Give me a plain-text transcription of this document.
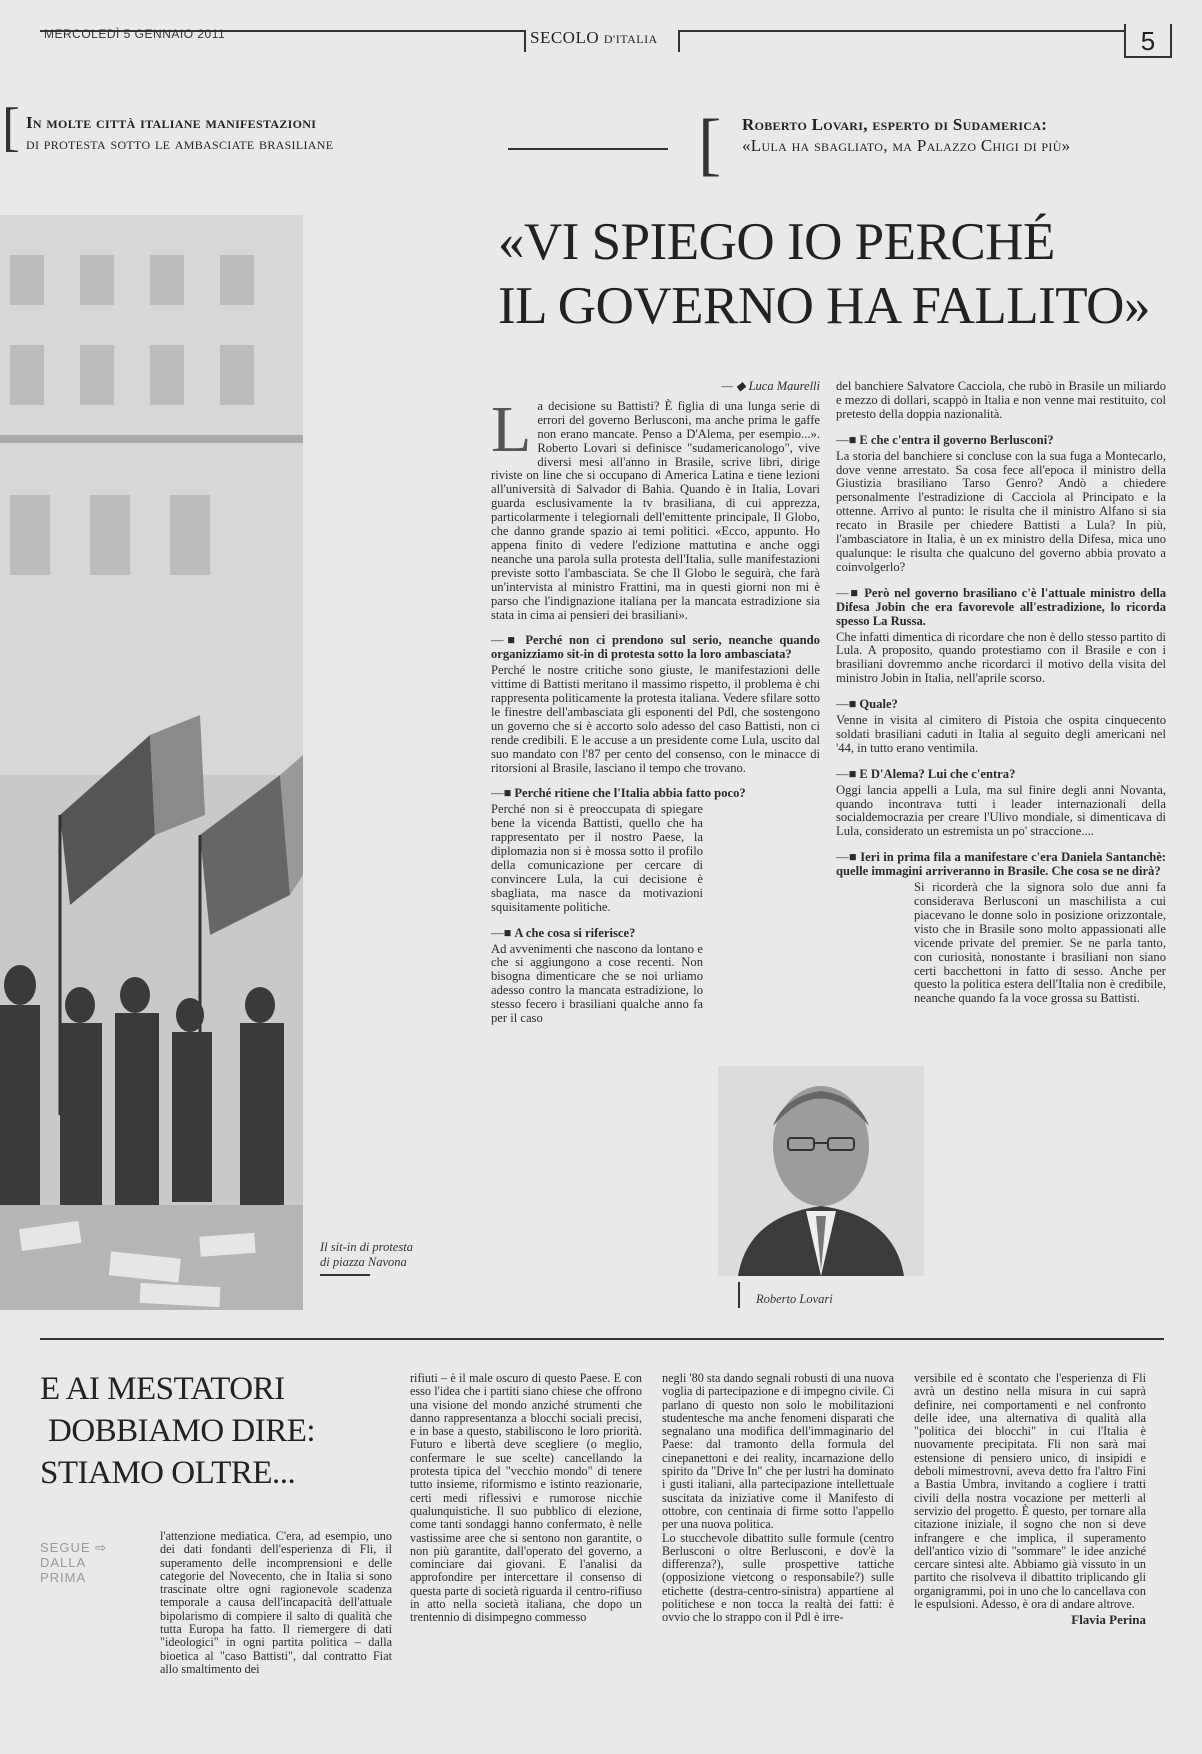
MERCOLEDÌ 5 GENNAIO 2011	SECOLO D'ITALIA	5
[ In molte città italiane manifestazioni
di protesta sotto le ambasciate brasiliane	[ Roberto Lovari, esperto di Sudamerica:
«Lula ha sbagliato, ma Palazzo Chigi di più»
«VI SPIEGO IO PERCHÉ
IL GOVERNO HA FALLITO»
Il sit-in di protesta
di piazza Navona
— ◆ Luca Maurelli

La decisione su Battisti? È figlia di una lunga serie di errori del governo Berlusconi, ma anche prima le gaffe non erano mancate. Penso a D'Alema, per esempio...». Roberto Lovari si definisce "sudamericanologo", vive diversi mesi all'anno in Brasile, scrive libri, dirige riviste on line che si occupano di America Latina e tiene lezioni all'università di Salvador di Bahia. Quando è in Italia, Lovari guarda esclusivamente la tv brasiliana, di cui apprezza, particolarmente i telegiornali dell'emittente principale, Il Globo, che danno grande spazio ai temi politici. «Ecco, appunto. Ho appena finito di vedere l'edizione mattutina e anche oggi neanche una parola sulla protesta dell'Italia, sulle manifestazioni previste sotto l'ambasciata. Se che Il Globo le seguirà, che farà un'intervista al ministro Frattini, ma in questi giorni non mi è parso che l'indignazione italiana per la mancata estradizione sia stata in cima ai pensieri dei brasiliani».

—■ Perché non ci prendono sul serio, neanche quando organizziamo sit-in di protesta sotto la loro ambasciata?

Perché le nostre critiche sono giuste, le manifestazioni delle vittime di Battisti meritano il massimo rispetto, il problema è chi rappresenta politicamente la protesta italiana. Vedere sfilare sotto le finestre dell'ambasciata gli esponenti del Pdl, che sostengono un governo che si è accorto solo adesso del caso Battisti, non ci rende credibili. E le accuse a un presidente come Lula, uscito dal suo mandato con l'87 per cento del consenso, con le minacce di ritorsioni al Brasile, lasciano il tempo che trovano.

—■ Perché ritiene che l'Italia abbia fatto poco?

Perché non si è preoccupata di spiegare bene la vicenda Battisti, quello che ha rappresentato per il nostro Paese, la diplomazia non si è mossa sotto il profilo della comunicazione per cercare di convincere Lula, la cui decisione è sbagliata, ma nasce da motivazioni squisitamente politiche.

—■ A che cosa si riferisce?

Ad avvenimenti che nascono da lontano e che si aggiungono a cose recenti. Non bisogna dimenticare che se noi urliamo adesso contro la mancata estradizione, lo stesso fecero i brasiliani qualche anno fa per il caso

del banchiere Salvatore Cacciola, che rubò in Brasile un miliardo e mezzo di dollari, scappò in Italia e non venne mai restituito, col pretesto della doppia nazionalità.

—■ E che c'entra il governo Berlusconi?

La storia del banchiere si concluse con la sua fuga a Montecarlo, dove venne arrestato. Sa cosa fece all'epoca il ministro della Giustizia brasiliano Tarso Genro? Andò a chiedere personalmente l'estradizione di Cacciola al Principato e la ottenne. Arrivo al punto: le risulta che il ministro Alfano si sia recato in Brasile per chiedere Battisti a Lula? In più, l'ambasciatore in Italia, è un ex ministro della Difesa, mica uno qualunque: le risulta che qualcuno del governo abbia provato a coinvolgerlo?

—■ Però nel governo brasiliano c'è l'attuale ministro della Difesa Jobin che era favorevole all'estradizione, lo ricorda spesso La Russa.

Che infatti dimentica di ricordare che non è dello stesso partito di Lula. A proposito, quando protestiamo con il Brasile e con i brasiliani dovremmo anche ricordarci il motivo della visita del ministro Jobin in Italia, nell'aprile scorso.

—■ Quale?

Venne in visita al cimitero di Pistoia che ospita cinquecento soldati brasiliani caduti in Italia al seguito degli americani nel '44, in tutto erano ventimila.

—■ E D'Alema? Lui che c'entra?

Oggi lancia appelli a Lula, ma sul finire degli anni Novanta, quando incontrava tutti i leader internazionali della socialdemocrazia per creare l'Ulivo mondiale, si dimenticava di Lula, considerato un estremista un po' straccione....

—■ Ieri in prima fila a manifestare c'era Daniela Santanchè: quelle immagini arriveranno in Brasile. Che cosa se ne dirà?

Si ricorderà che la signora solo due anni fa considerava Berlusconi un maschilista a cui piacevano le donne solo in posizione orizzontale, visto che in Brasile sono molto appassionati alle vicende private del premier. Se ne parla tanto, con curiosità, nonostante i brasiliani non siano certi bacchettoni in fatto di sesso. Anche per questo la politica estera dell'Italia non è credibile, neanche quando fa la voce grossa su Battisti.

Roberto Lovari
E AI MESTATORI
DOBBIAMO DIRE:
STIAMO OLTRE...
SEGUE ⇨
DALLA
PRIMA
l'attenzione mediatica. C'era, ad esempio, uno dei dati fondanti dell'esperienza di Fli, il superamento delle incomprensioni e delle categorie del Novecento, che in Italia si sono trascinate oltre ogni ragionevole scadenza temporale a causa dell'incapacità dell'attuale bipolarismo di compiere il salto di qualità che tutta Europa ha fatto. Il riemergere di dati "ideologici" in ogni partita politica – dalla bioetica al "caso Battisti", dal contratto Fiat allo smaltimento dei
rifiuti – è il male oscuro di questo Paese. E con esso l'idea che i partiti siano chiese che offrono una visione del mondo anziché strumenti che danno rappresentanza a blocchi sociali precisi, e in base a questo, stabiliscono le loro priorità. Futuro e libertà deve scegliere (o meglio, confermare le sue scelte) cancellando la protesta tipica del "vecchio mondo" di tenere tutto insieme, riformismo e istinto reazionarie, certi medi riflessivi e rumorose nicchie qualunquistiche. Il suo pubblico di elezione, come tanti sondaggi hanno confermato, è nelle vastissime aree che si sentono non garantite, o non più garantite, dall'operato del governo, a cominciare dai giovani. E l'analisi da approfondire per intercettare il consenso di questa parte di società riguarda il centro-rifiuso in atto nella società italiana, che dopo un trentennio di disimpegno commesso
negli '80 sta dando segnali robusti di una nuova voglia di partecipazione e di impegno civile. Ci parlano di questo non solo le mobilitazioni studentesche ma anche fenomeni disparati che segnalano una modifica dell'immaginario del Paese: dal tramonto della formula del cinepanettoni e dei reality, incarnazione dello spirito da "Drive In" che per lustri ha dominato i gusti italiani, alla partecipazione intellettuale suscitata da iniziative come il Manifesto di ottobre, con centinaia di firme sotto l'appello per una nuova politica.
Lo stucchevole dibattito sulle formule (centro Berlusconi o oltre Berlusconi, e dov'è la differenza?), sulle prospettive tattiche (opposizione vietcong o responsabile?) sulle etichette (destra-centro-sinistra) appartiene al politichese e non tocca la realtà dei fatti: è ovvio che lo strappo con il Pdl è irre-

versibile ed è scontato che l'esperienza di Fli avrà un destino nella misura in cui saprà definire, nei comportamenti e nel confronto delle idee, una alternativa di qualità alla "politica dei blocchi" in cui l'Italia è nuovamente precipitata. Fli non sarà mai estensione di pensiero unico, di insipidi e deboli mimestrovni, aveva detto fra l'altro Fini a Bastia Umbra, invitando a cogliere i tratti civili della nostra vocazione per metterli al servizio del progetto. È questo, per tornare alla citazione iniziale, il sogno che non si deve infrangere e che implica, il superamento dell'antico vizio di "sommare" le idee anziché cercare sintesi alte. Abbiamo già vissuto in un partito che risolveva il dibattito triplicando gli organigrammi, poi in uno che lo cancellava con le espulsioni. Adesso, è ora di andare altrove.

Flavia Perina
